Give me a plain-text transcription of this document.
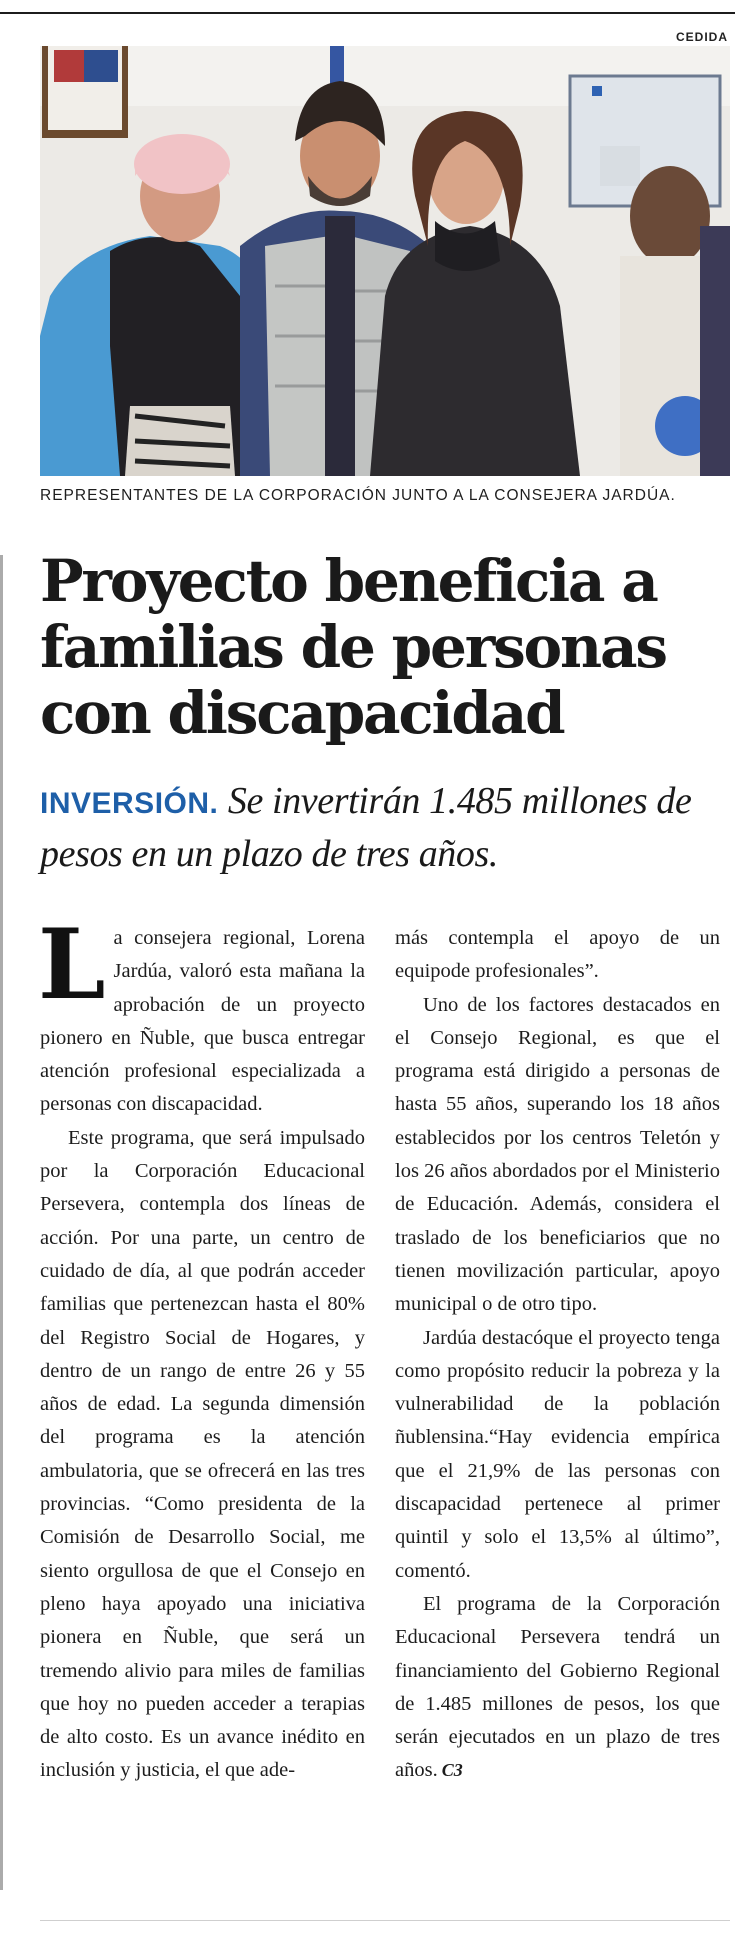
CEDIDA
REPRESENTANTES DE LA CORPORACIÓN JUNTO A LA CONSEJERA JARDÚA.
Proyecto beneficia a familias de personas con discapacidad
INVERSIÓN. Se invertirán 1.485 millones de pesos en un plazo de tres años.

La consejera regional, Lorena Jardúa, valoró esta mañana la aprobación de un proyecto pionero en Ñuble, que busca entregar atención profesional especializada a personas con discapacidad.

Este programa, que será impulsado por la Corporación Educacional Persevera, contempla dos líneas de acción. Por una parte, un centro de cuidado de día, al que podrán acceder familias que pertenezcan hasta el 80% del Registro Social de Hogares, y dentro de un rango de entre 26 y 55 años de edad. La segunda dimensión del programa es la atención ambulatoria, que se ofrecerá en las tres provincias. “Como presidenta de la Comisión de Desarrollo Social, me siento orgullosa de que el Consejo en pleno haya apoyado una iniciativa pionera en Ñuble, que será un tremendo alivio para miles de familias que hoy no pueden acceder a terapias de alto costo. Es un avance inédito en inclusión y justicia, el que ade-

más contempla el apoyo de un equipode profesionales”.

Uno de los factores destacados en el Consejo Regional, es que el programa está dirigido a personas de hasta 55 años, superando los 18 años establecidos por los centros Teletón y los 26 años abordados por el Ministerio de Educación. Además, considera el traslado de los beneficiarios que no tienen movilización particular, apoyo municipal o de otro tipo.

Jardúa destacóque el proyecto tenga como propósito reducir la pobreza y la vulnerabilidad de la población ñublensina.“Hay evidencia empírica que el 21,9% de las personas con discapacidad pertenece al primer quintil y solo el 13,5% al último”, comentó.

El programa de la Corporación Educacional Persevera tendrá un financiamiento del Gobierno Regional de 1.485 millones de pesos, los que serán ejecutados en un plazo de tres años. C3
